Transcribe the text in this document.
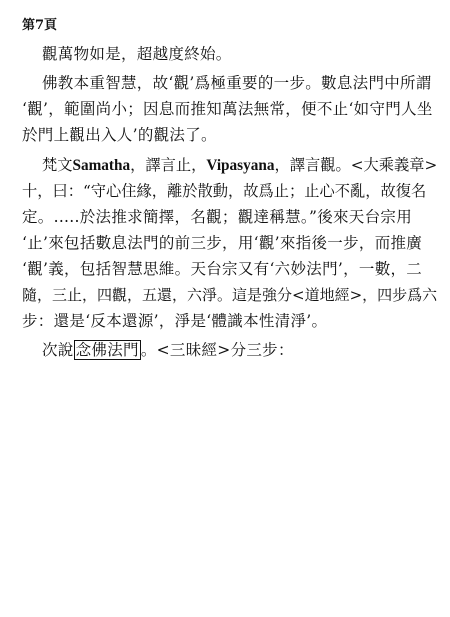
第7頁
觀萬物如是，超越度終始。
佛教本重智慧，故‘觀’爲極重要的一步。數息法門中所謂
‘觀’，範圍尚小；因息而推知萬法無常，便不止‘如守門人坐
於門上觀出入人’的觀法了。
梵文Samatha，譯言止，Vipasyana，譯言觀。<大乘義章>
十，曰：“守心住緣，離於散動，故爲止；止心不亂，故復名
定。.....於法推求簡擇，名觀；觀達稱慧。”後來天台宗用
‘止’來包括數息法門的前三步，用‘觀’來指後一步，而推廣
‘觀’義，包括智慧思維。天台宗又有‘六妙法門’，一數，二
隨，三止，四觀，五還，六淨。這是強分<道地經>，四步爲六
步：還是‘反本還源’，淨是‘體識本性清淨’。
次說 念佛法門 。<三昧經>分三步：
